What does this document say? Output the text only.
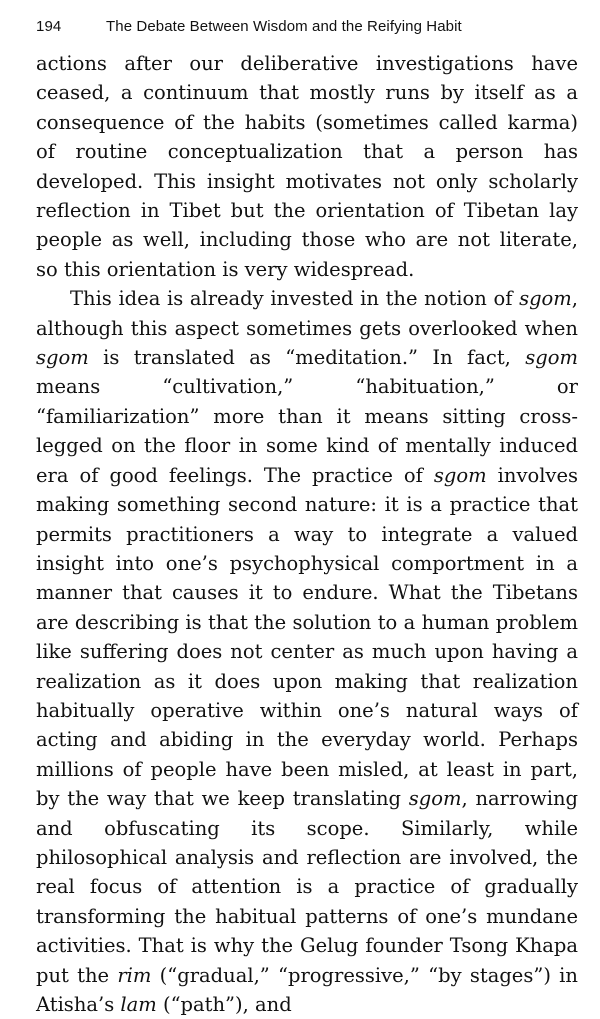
194	The Debate Between Wisdom and the Reifying Habit

actions after our deliberative investigations have ceased, a continuum that mostly runs by itself as a consequence of the habits (sometimes called karma) of routine conceptualization that a person has developed. This insight motivates not only scholarly reflection in Tibet but the orientation of Tibetan lay people as well, including those who are not literate, so this orientation is very widespread.

This idea is already invested in the notion of sgom, although this aspect sometimes gets overlooked when sgom is translated as “meditation.” In fact, sgom means “cultivation,” “habituation,” or “familiarization” more than it means sitting cross-legged on the floor in some kind of mentally induced era of good feelings. The practice of sgom involves making something second nature: it is a practice that permits practitioners a way to integrate a valued insight into one’s psychophysical comportment in a manner that causes it to endure. What the Tibetans are describing is that the solution to a human problem like suffering does not center as much upon having a realization as it does upon making that realization habitually operative within one’s natural ways of acting and abiding in the everyday world. Perhaps millions of people have been misled, at least in part, by the way that we keep translating sgom, narrowing and obfuscating its scope. Similarly, while philosophical analysis and reflection are involved, the real focus of attention is a practice of gradually transforming the habitual patterns of one’s mundane activities. That is why the Gelug founder Tsong Khapa put the rim (“gradual,” “progressive,” “by stages”) in Atisha’s lam (“path”), and
